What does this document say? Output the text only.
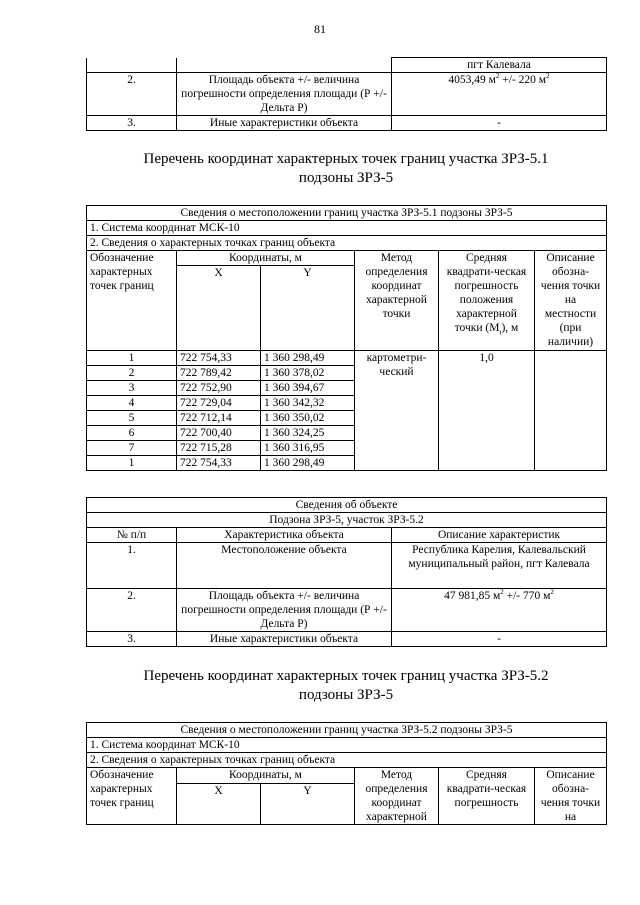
81
		пгт Калевала
2.	Площадь объекта +/- величина погрешности определения площади (Р +/- Дельта Р)	4053,49 $м^2$ +/- 220 $м^2$
3.	Иные характеристики объекта	-
Перечень координат характерных точек границ участка ЗРЗ-5.1
подзоны ЗРЗ-5
Сведения о местоположении границ участка ЗРЗ-5.1 подзоны ЗРЗ-5					
1. Система координат МСК-10					
2. Сведения о характерных точках границ объекта					
Обозначение характерных точек границ	Координаты, м		Метод определения координат характерной точки	Средняя квадрати-ческая погрешность положения характерной точки $(M_t)$, м	Описание обозна-чения точки на местности (при наличии)
	X	Y			
1	722 754,33	1 360 298,49	картометри-ческий	1,0	
2	722 789,42	1 360 378,02			
3	722 752,90	1 360 394,67			
4	722 729,04	1 360 342,32			
5	722 712,14	1 360 350,02			
6	722 700,40	1 360 324,25			
7	722 715,28	1 360 316,95			
1	722 754,33	1 360 298,49			
Сведения об объекте		
Подзона ЗРЗ-5, участок ЗРЗ-5.2		
№ п/п	Характеристика объекта	Описание характеристик
1.	Местоположение объекта	Республика Карелия, Калевальский муниципальный район, пгт Калевала
2.	Площадь объекта +/- величина погрешности определения площади (Р +/- Дельта Р)	47 981,85 $м^2$ +/- 770 $м^2$
3.	Иные характеристики объекта	-
Перечень координат характерных точек границ участка ЗРЗ-5.2
подзоны ЗРЗ-5
Сведения о местоположении границ участка ЗРЗ-5.2 подзоны ЗРЗ-5					
1. Система координат МСК-10					
2. Сведения о характерных точках границ объекта					
Обозначение характерных точек границ	Координаты, м		Метод определения координат характерной	Средняя квадрати-ческая погрешность	Описание обозна-чения точки на
	X	Y			
